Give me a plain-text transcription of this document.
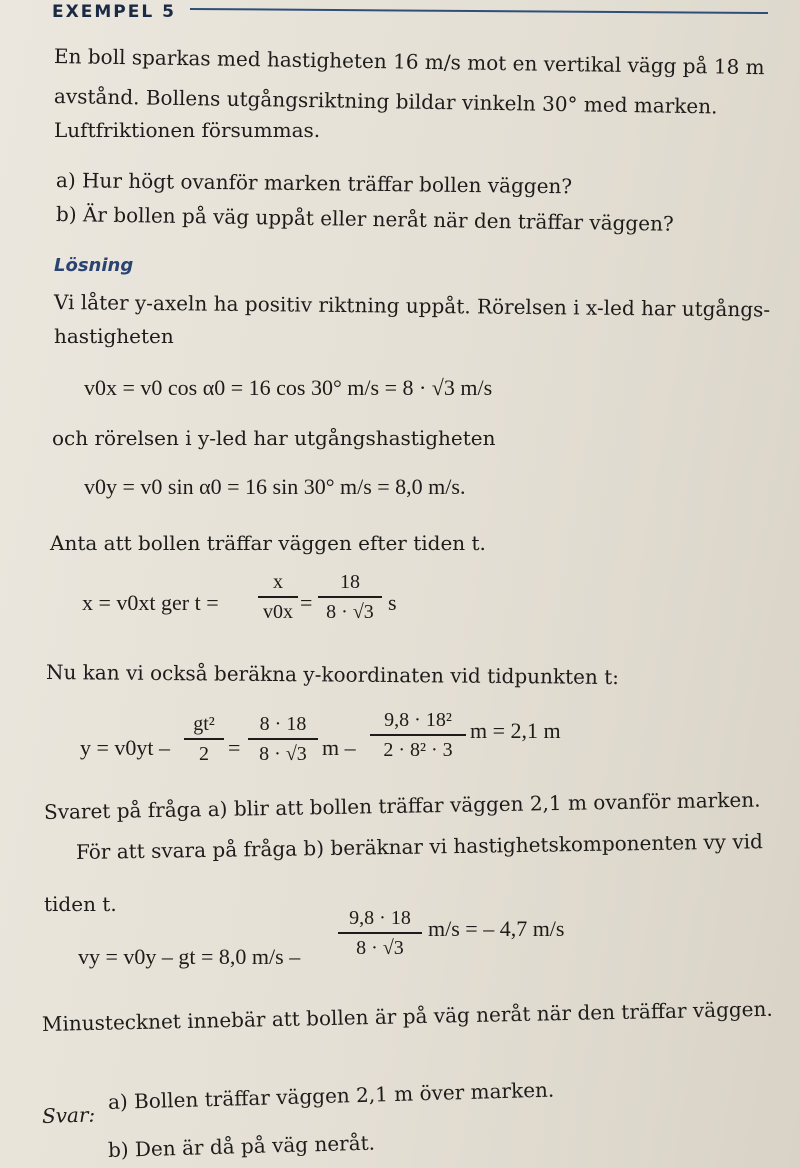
EXEMPEL 5
En boll sparkas med hastigheten 16 m/s mot en vertikal vägg på 18 m
avstånd. Bollens utgångsriktning bildar vinkeln 30° med marken.
Luftfriktionen försummas.
a) Hur högt ovanför marken träffar bollen väggen?
b) Är bollen på väg uppåt eller neråt när den träffar väggen?
Lösning
Vi låter y-axeln ha positiv riktning uppåt. Rörelsen i x-led har utgångs-
hastigheten
v0x = v0 cos α0 = 16 cos 30° m/s = 8 · √3 m/s
och rörelsen i y-led har utgångshastigheten
v0y = v0 sin α0 = 16 sin 30° m/s = 8,0 m/s.
Anta att bollen träffar väggen efter tiden t.
x = v0xt ger t =
x
v0x =
18
8 · √3 s
Nu kan vi också beräkna y-koordinaten vid tidpunkten t:
y = v0yt –
gt²
2 =
8 · 18
8 · √3 m –
9,8 · 18²
2 · 8² · 3
m = 2,1 m
Svaret på fråga a) blir att bollen träffar väggen 2,1 m ovanför marken.
För att svara på fråga b) beräknar vi hastighetskomponenten vy vid
tiden t.
vy = v0y – gt = 8,0 m/s –
9,8 · 18
8 · √3
m/s = – 4,7 m/s
Minustecknet innebär att bollen är på väg neråt när den träffar väggen.
Svar:
a) Bollen träffar väggen 2,1 m över marken.
b) Den är då på väg neråt.
